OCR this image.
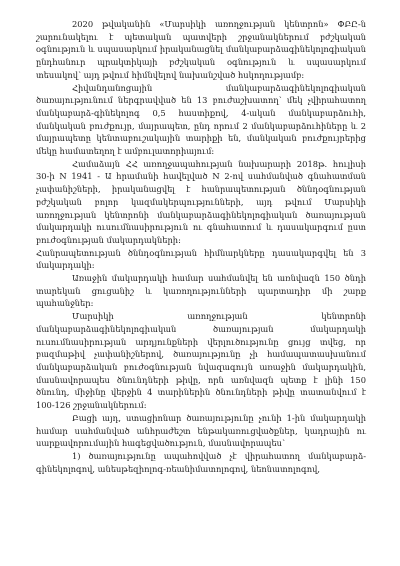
2020 թվականին «Մարսիկի առողջության կենտրոն» ՓԲԸ-ն շարունակելու է պետական պատվերի շրջանակներում բժշկական օգնություն և սպասարկում իրականացնել մանկաբարձագինեկոլոգիական ընդհանուր պրակտիկայի բժշկական օգնություն և սպասարկում տեսակով՝ այդ թվում հիմնվելով նախանշված հսկողությամբ։

Հիվանդանոցային մանկաբարձագինեկոլոգիական ծառայությունում ներգրավված են 13 բուժաշխատող՝ մեկ չվիրահատող մանկաբարձ-գինեկոլոգ 0,5 հաստիքով, 4-ական մանկաբարձուհի, մանկական բուժքույր, մայրապետ, ընդ որում 2 մանկաբարձուհիները և 2 մայրապետը կենտաբուշակային տարիքի են, մանկական բուժքույրերից մեկը համատեղող է ամբուլատորիայում։

Համաձայն ՀՀ առողջապահության նախարարի 2018թ. հուլիսի 30-ի N 1941 - Ա հրամանի հավելված N 2-ով սահմանված գնահատման չափանիշների, իրականացվել է հանրապետության ծննդօգնության բժշկական բոլոր կազմակերպությունների, այդ թվում Մարսիկի առողջության կենտրոնի մանկաբարձագինեկոլոգիական ծառայության մակարդակի ուսումնասիրություն ու գնահատում և դասակարգում ըստ բուժօգնության մակարդակների։

Հանրապետության ծննդօգնության հիմնարկները դասակարգվել են 3 մակարդակի։

Առաջին մակարդակի համար սահմանվել են առնվազն 150 ծնդի տարեկան ցուցանիշ և կառողությունների պարտադիր մի շարք պահանջներ։

Մարսիկի առողջության կենտրոնի մանկաբարձագինեկոլոգիական ծառայության մակարդակի ուսումնասիրության արդյունքների վերլուծությունը ցույց տվեց, որ բազմաթիվ չափանիշներով, ծառայությունը չի համապատասխանում մանկաբարձական բուժօգնության նվազագույն առաջին մակարդակին, մասնավորապես ծնունդների թիվը, որն առնվազն պետք է լինի 150 ծնունդ, միջինը վերջին 4 տարիներին ծնունդների թիվը տատանվում է 100-126 շրջանակներում։

Բացի այդ, ստացիոնար ծառայությունը չունի 1-ին մակարդակի համար սահմանված անհրաժեշտ ենթակառուցվածքներ, կադրային ու սարքավորումային հագեցվածություն, մասնավորապես՝

1) ծառայությունը ապահովված չէ վիրահատող մանկաբարձ-գինեկոլոգով, անեսթեզիոլոգ-ռեանիմատոլոգով, նեոնատոլոգով,
